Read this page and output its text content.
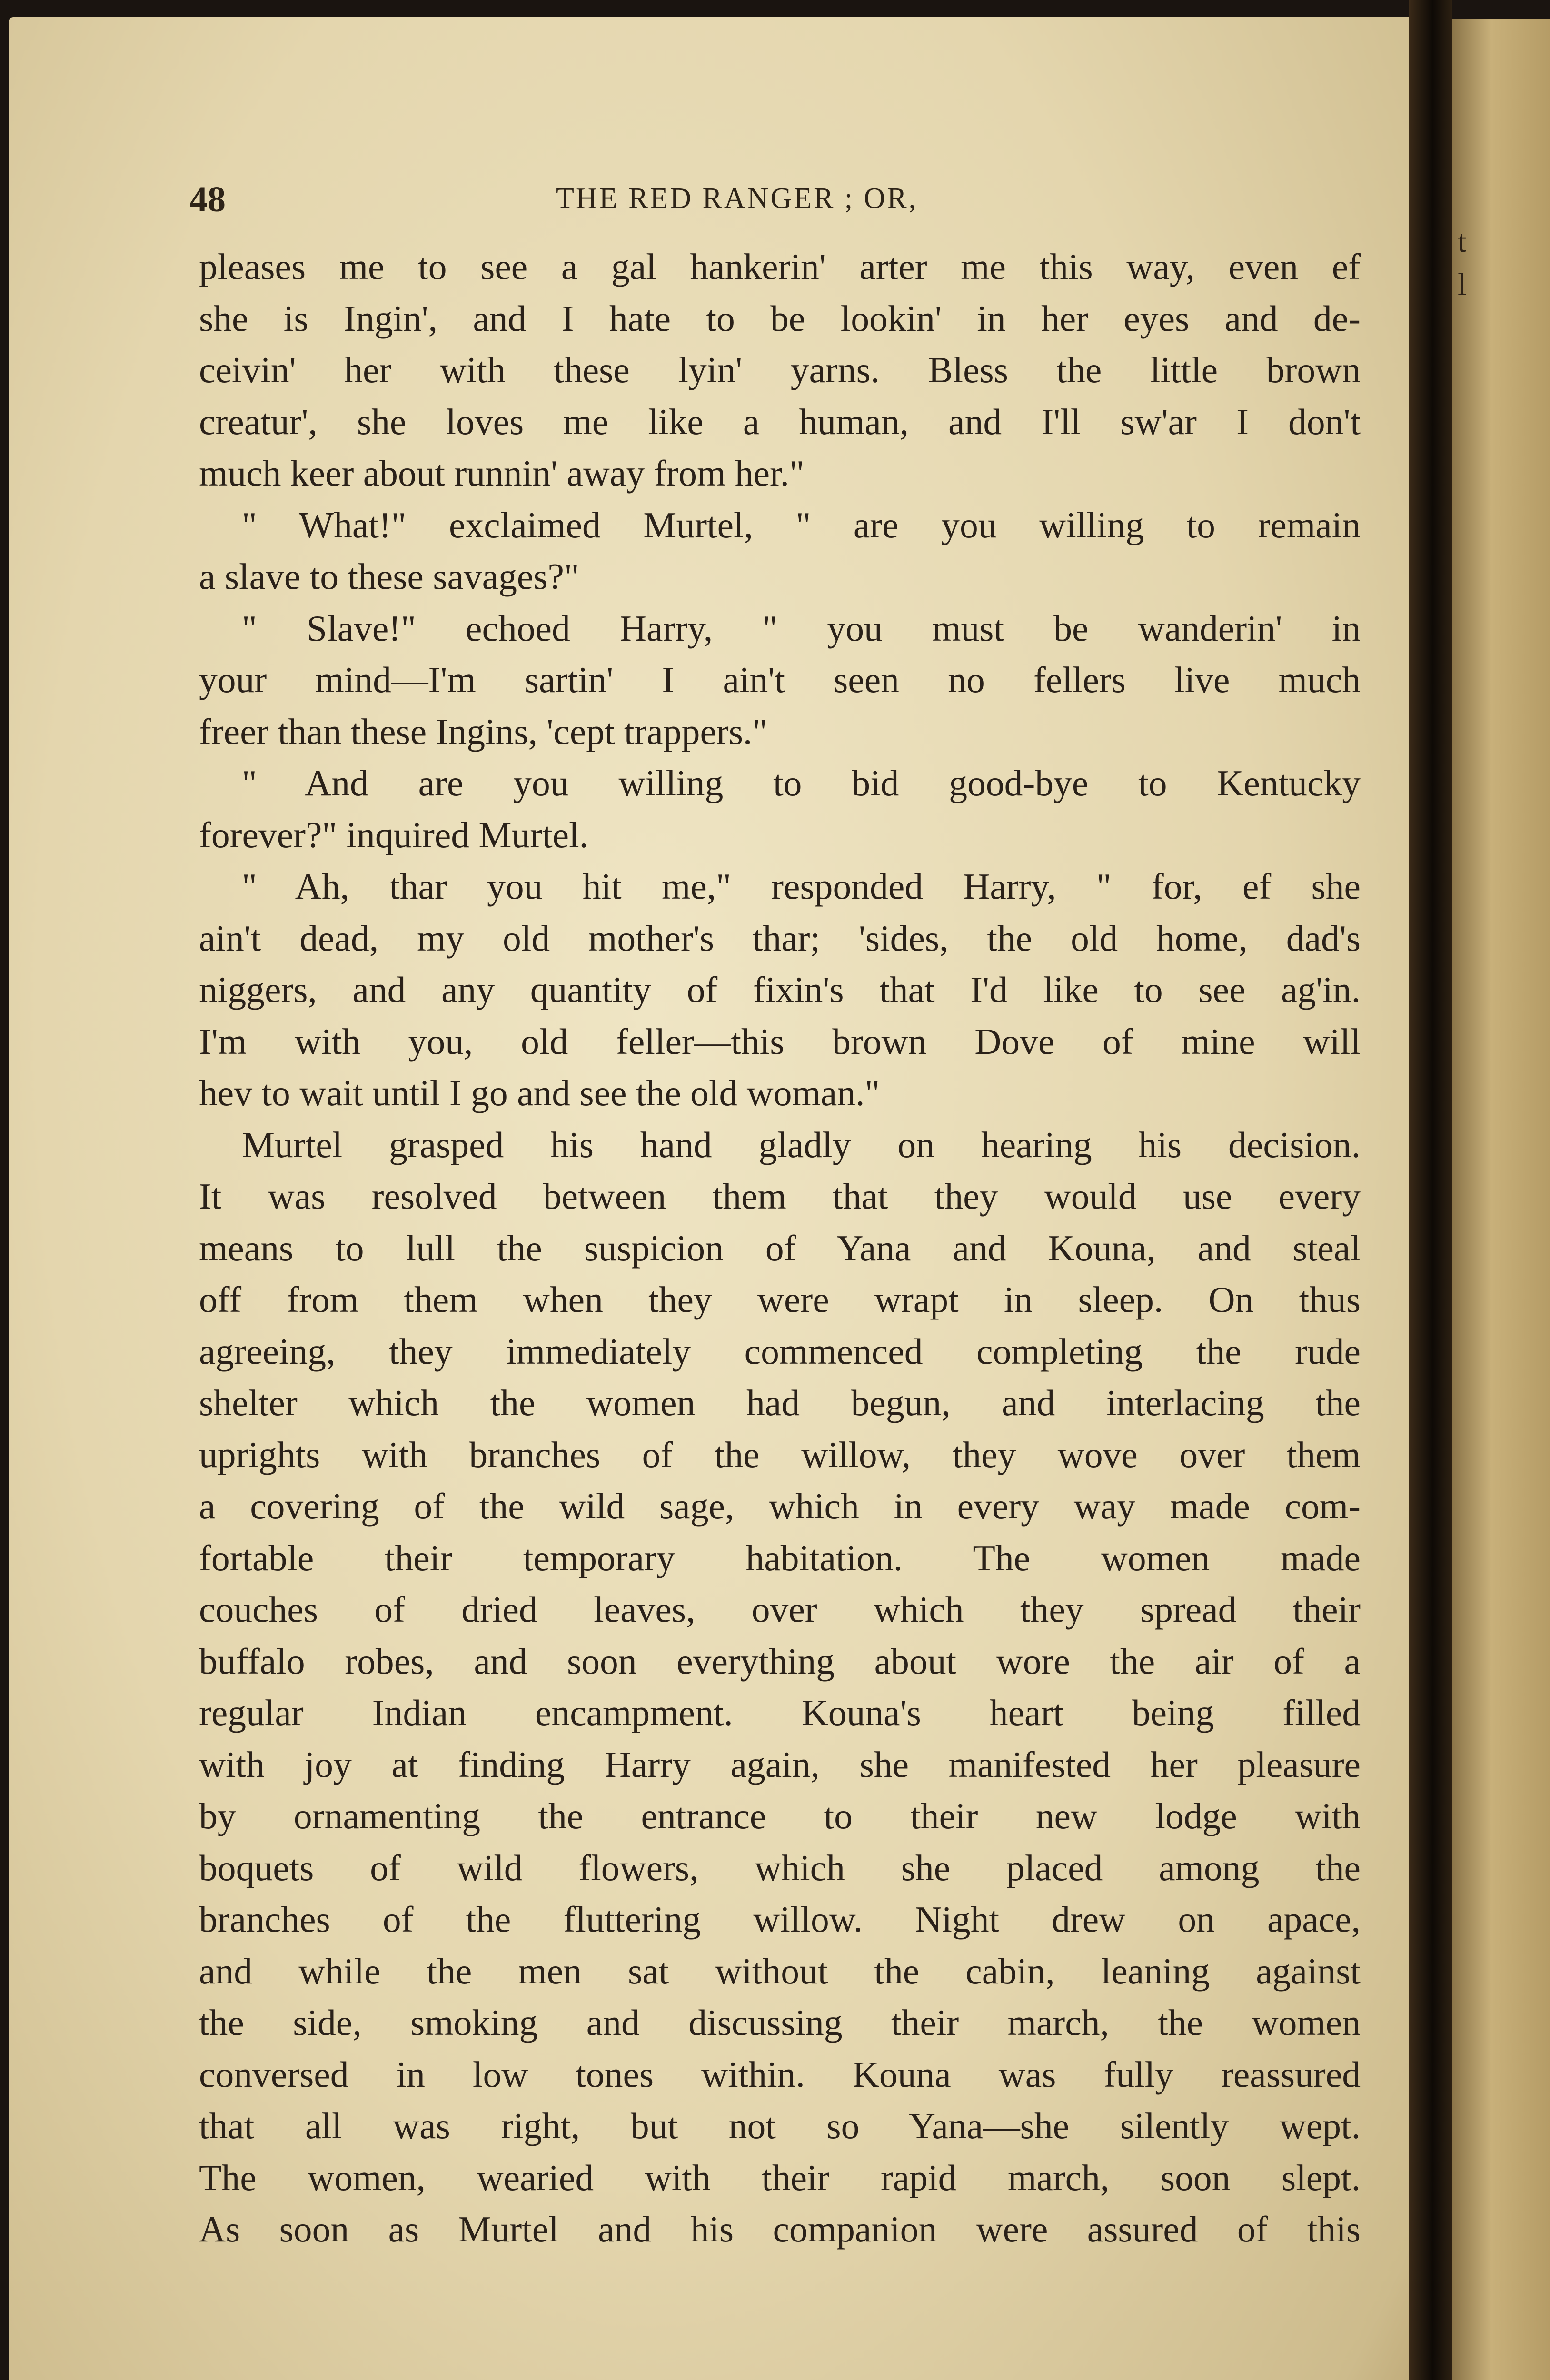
48	THE RED RANGER ; OR,
pleases me to see a gal hankerin' arter me this way, even ef
she is Ingin', and I hate to be lookin' in her eyes and de-
ceivin' her with these lyin' yarns. Bless the little brown
creatur', she loves me like a human, and I'll sw'ar I don't
much keer about runnin' away from her."
" What!" exclaimed Murtel, " are you willing to remain
a slave to these savages?"
" Slave!" echoed Harry, " you must be wanderin' in
your mind—I'm sartin' I ain't seen no fellers live much
freer than these Ingins, 'cept trappers."
" And are you willing to bid good-bye to Kentucky
forever?" inquired Murtel.
" Ah, thar you hit me," responded Harry, " for, ef she
ain't dead, my old mother's thar; 'sides, the old home, dad's
niggers, and any quantity of fixin's that I'd like to see ag'in.
I'm with you, old feller—this brown Dove of mine will
hev to wait until I go and see the old woman."
Murtel grasped his hand gladly on hearing his decision.
It was resolved between them that they would use every
means to lull the suspicion of Yana and Kouna, and steal
off from them when they were wrapt in sleep. On thus
agreeing, they immediately commenced completing the rude
shelter which the women had begun, and interlacing the
uprights with branches of the willow, they wove over them
a covering of the wild sage, which in every way made com-
fortable their temporary habitation. The women made
couches of dried leaves, over which they spread their
buffalo robes, and soon everything about wore the air of a
regular Indian encampment. Kouna's heart being filled
with joy at finding Harry again, she manifested her pleasure
by ornamenting the entrance to their new lodge with
boquets of wild flowers, which she placed among the
branches of the fluttering willow. Night drew on apace,
and while the men sat without the cabin, leaning against
the side, smoking and discussing their march, the women
conversed in low tones within. Kouna was fully reassured
that all was right, but not so Yana—she silently wept.
The women, wearied with their rapid march, soon slept.
As soon as Murtel and his companion were assured of this
t
l
